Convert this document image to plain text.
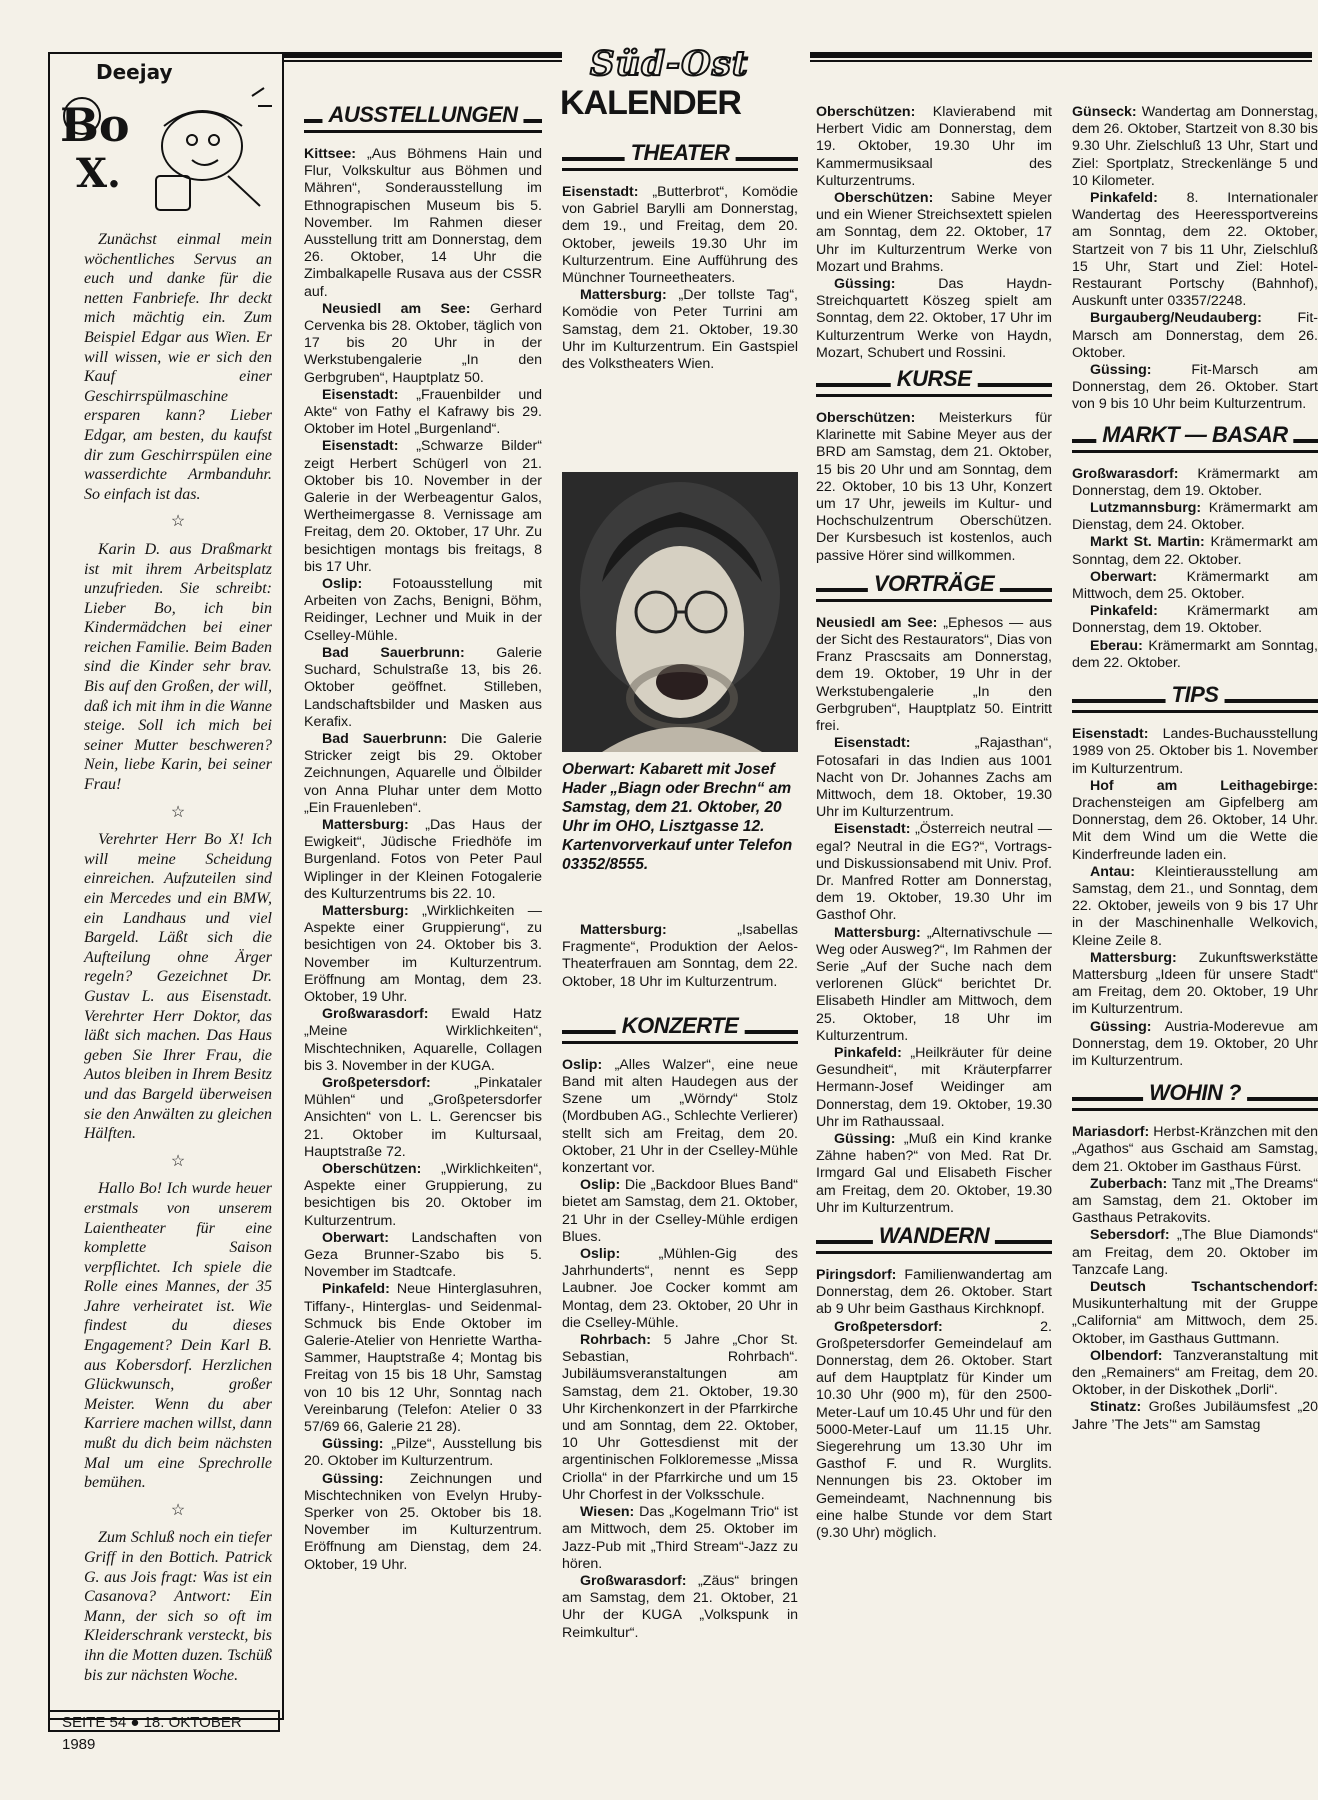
Süd-Ost
KALENDER
Deejay
Bo
X.

Zunächst einmal mein wöchentliches Servus an euch und danke für die netten Fanbriefe. Ihr deckt mich mächtig ein. Zum Beispiel Edgar aus Wien. Er will wissen, wie er sich den Kauf einer Geschirrspülmaschine ersparen kann? Lieber Edgar, am besten, du kaufst dir zum Geschirrspülen eine wasserdichte Armbanduhr. So einfach ist das.

☆

Karin D. aus Draßmarkt ist mit ihrem Arbeitsplatz unzufrieden. Sie schreibt: Lieber Bo, ich bin Kindermädchen bei einer reichen Familie. Beim Baden sind die Kinder sehr brav. Bis auf den Großen, der will, daß ich mit ihm in die Wanne steige. Soll ich mich bei seiner Mutter beschweren? Nein, liebe Karin, bei seiner Frau!

☆

Verehrter Herr Bo X! Ich will meine Scheidung einreichen. Aufzuteilen sind ein Mercedes und ein BMW, ein Landhaus und viel Bargeld. Läßt sich die Aufteilung ohne Ärger regeln? Gezeichnet Dr. Gustav L. aus Eisenstadt. Verehrter Herr Doktor, das läßt sich machen. Das Haus geben Sie Ihrer Frau, die Autos bleiben in Ihrem Besitz und das Bargeld überweisen sie den Anwälten zu gleichen Hälften.

☆

Hallo Bo! Ich wurde heuer erstmals von unserem Laientheater für eine komplette Saison verpflichtet. Ich spiele die Rolle eines Mannes, der 35 Jahre verheiratet ist. Wie findest du dieses Engagement? Dein Karl B. aus Kobersdorf. Herzlichen Glückwunsch, großer Meister. Wenn du aber Karriere machen willst, dann mußt du dich beim nächsten Mal um eine Sprechrolle bemühen.

☆

Zum Schluß noch ein tiefer Griff in den Bottich. Patrick G. aus Jois fragt: Was ist ein Casanova? Antwort: Ein Mann, der sich so oft im Kleiderschrank versteckt, bis ihn die Motten duzen. Tschüß bis zur nächsten Woche.

SEITE 54 ● 18. OKTOBER 1989
AUSSTELLUNGEN

Kittsee: „Aus Böhmens Hain und Flur, Volkskultur aus Böhmen und Mähren“, Sonderausstellung im Ethnograpischen Museum bis 5. November. Im Rahmen dieser Ausstellung tritt am Donnerstag, dem 26. Oktober, 14 Uhr die Zimbalkapelle Rusava aus der CSSR auf.

Neusiedl am See: Gerhard Cervenka bis 28. Oktober, täglich von 17 bis 20 Uhr in der Werkstubengalerie „In den Gerbgruben“, Hauptplatz 50.

Eisenstadt: „Frauenbilder und Akte“ von Fathy el Kafrawy bis 29. Oktober im Hotel „Burgenland“.

Eisenstadt: „Schwarze Bilder“ zeigt Herbert Schügerl von 21. Oktober bis 10. November in der Galerie in der Werbeagentur Galos, Werthеimergasse 8. Vernissage am Freitag, dem 20. Oktober, 17 Uhr. Zu besichtigen montags bis freitags, 8 bis 17 Uhr.

Oslip: Fotoausstellung mit Arbeiten von Zachs, Benigni, Böhm, Reidinger, Lechner und Muik in der Cselley-Mühle.

Bad Sauerbrunn: Galerie Suchard, Schulstraße 13, bis 26. Oktober geöffnet. Stilleben, Landschaftsbilder und Masken aus Kerafix.

Bad Sauerbrunn: Die Galerie Stricker zeigt bis 29. Oktober Zeichnungen, Aquarelle und Ölbilder von Anna Pluhar unter dem Motto „Ein Frauenleben“.

Mattersburg: „Das Haus der Ewigkeit“, Jüdische Friedhöfe im Burgenland. Fotos von Peter Paul Wiplinger in der Kleinen Fotogalerie des Kulturzentrums bis 22. 10.

Mattersburg: „Wirklichkeiten — Aspekte einer Gruppierung“, zu besichtigen von 24. Oktober bis 3. November im Kulturzentrum. Eröffnung am Montag, dem 23. Oktober, 19 Uhr.

Großwarasdorf: Ewald Hatz „Meine Wirklichkeiten“, Mischtechniken, Aquarelle, Collagen bis 3. November in der KUGA.

Großpetersdorf: „Pinkataler Mühlen“ und „Großpetersdorfer Ansichten“ von L. L. Gerencser bis 21. Oktober im Kultursaal, Hauptstraße 72.

Oberschützen: „Wirklichkeiten“, Aspekte einer Gruppierung, zu besichtigen bis 20. Oktober im Kulturzentrum.

Oberwart: Landschaften von Geza Brunner-Szabo bis 5. November im Stadtcafe.

Pinkafeld: Neue Hinterglasuhren, Tiffany-, Hinterglas- und Seidenmal-Schmuck bis Ende Oktober im Galerie-Atelier von Henriette Wartha-Sammer, Hauptstraße 4; Montag bis Freitag von 15 bis 18 Uhr, Samstag von 10 bis 12 Uhr, Sonntag nach Vereinbarung (Telefon: Atelier 0 33 57/69 66, Galerie 21 28).

Güssing: „Pilze“, Ausstellung bis 20. Oktober im Kulturzentrum.

Güssing: Zeichnungen und Mischtechniken von Evelyn Hruby-Sperker von 25. Oktober bis 18. November im Kulturzentrum. Eröffnung am Dienstag, dem 24. Oktober, 19 Uhr.

THEATER

Eisenstadt: „Butterbrot“, Komödie von Gabriel Barylli am Donnerstag, dem 19., und Freitag, dem 20. Oktober, jeweils 19.30 Uhr im Kulturzentrum. Eine Aufführung des Münchner Tourneetheaters.

Mattersburg: „Der tollste Tag“, Komödie von Peter Turrini am Samstag, dem 21. Oktober, 19.30 Uhr im Kulturzentrum. Ein Gastspiel des Volkstheaters Wien.

Oberwart: Kabarett mit Josef Hader „Biagn oder Brechn“ am Samstag, dem 21. Oktober, 20 Uhr im OHO, Lisztgasse 12. Kartenvorverkauf unter Telefon 03352/8555.

Mattersburg: „Isabellas Fragmente“, Produktion der Aelos-Theaterfrauen am Sonntag, dem 22. Oktober, 18 Uhr im Kulturzentrum.

KONZERTE

Oslip: „Alles Walzer“, eine neue Band mit alten Haudegen aus der Szene um „Wörndy“ Stolz (Mordbuben AG., Schlechte Verlierer) stellt sich am Freitag, dem 20. Oktober, 21 Uhr in der Cselley-Mühle konzertant vor.

Oslip: Die „Backdoor Blues Band“ bietet am Samstag, dem 21. Oktober, 21 Uhr in der Cselley-Mühle erdigen Blues.

Oslip: „Mühlen-Gig des Jahrhunderts“, nennt es Sepp Laubner. Joe Cocker kommt am Montag, dem 23. Oktober, 20 Uhr in die Cselley-Mühle.

Rohrbach: 5 Jahre „Chor St. Sebastian, Rohrbach“. Jubiläumsveranstaltungen am Samstag, dem 21. Oktober, 19.30 Uhr Kirchenkonzert in der Pfarrkirche und am Sonntag, dem 22. Oktober, 10 Uhr Gottesdienst mit der argentinischen Folkloremesse „Missa Criolla“ in der Pfarrkirche und um 15 Uhr Chorfest in der Volksschule.

Wiesen: Das „Kogelmann Trio“ ist am Mittwoch, dem 25. Oktober im Jazz-Pub mit „Third Stream“-Jazz zu hören.

Großwarasdorf: „Zäus“ bringen am Samstag, dem 21. Oktober, 21 Uhr der KUGA „Volkspunk in Reimkultur“.

Oberschützen: Klavierabend mit Herbert Vidic am Donnerstag, dem 19. Oktober, 19.30 Uhr im Kammermusiksaal des Kulturzentrums.

Oberschützen: Sabine Meyer und ein Wiener Streichsextett spielen am Sonntag, dem 22. Oktober, 17 Uhr im Kulturzentrum Werke von Mozart und Brahms.

Güssing: Das Haydn-Streichquartett Köszeg spielt am Sonntag, dem 22. Oktober, 17 Uhr im Kulturzentrum Werke von Haydn, Mozart, Schubert und Rossini.

KURSE

Oberschützen: Meisterkurs für Klarinette mit Sabine Meyer aus der BRD am Samstag, dem 21. Oktober, 15 bis 20 Uhr und am Sonntag, dem 22. Oktober, 10 bis 13 Uhr, Konzert um 17 Uhr, jeweils im Kultur- und Hochschulzentrum Oberschützen. Der Kursbesuch ist kostenlos, auch passive Hörer sind willkommen.

VORTRÄGE

Neusiedl am See: „Ephesos — aus der Sicht des Restaurators“, Dias von Franz Prascsaits am Donnerstag, dem 19. Oktober, 19 Uhr in der Werkstubengalerie „In den Gerbgruben“, Hauptplatz 50. Eintritt frei.

Eisenstadt: „Rajasthan“, Fotosafari in das Indien aus 1001 Nacht von Dr. Johannes Zachs am Mittwoch, dem 18. Oktober, 19.30 Uhr im Kulturzentrum.

Eisenstadt: „Österreich neutral — egal? Neutral in die EG?“, Vortrags- und Diskussionsabend mit Univ. Prof. Dr. Manfred Rotter am Donnerstag, dem 19. Oktober, 19.30 Uhr im Gasthof Ohr.

Mattersburg: „Alternativschule — Weg oder Ausweg?“, Im Rahmen der Serie „Auf der Suche nach dem verlorenen Glück“ berichtet Dr. Elisabeth Hindler am Mittwoch, dem 25. Oktober, 18 Uhr im Kulturzentrum.

Pinkafeld: „Heilkräuter für deine Gesundheit“, mit Kräuterpfarrer Hermann-Josef Weidinger am Donnerstag, dem 19. Oktober, 19.30 Uhr im Rathaussaal.

Güssing: „Muß ein Kind kranke Zähne haben?“ von Med. Rat Dr. Irmgard Gal und Elisabeth Fischer am Freitag, dem 20. Oktober, 19.30 Uhr im Kulturzentrum.

WANDERN

Piringsdorf: Familienwandertag am Donnerstag, dem 26. Oktober. Start ab 9 Uhr beim Gasthaus Kirchknopf.

Großpetersdorf: 2. Großpetersdorfer Gemeindelauf am Donnerstag, dem 26. Oktober. Start auf dem Hauptplatz für Kinder um 10.30 Uhr (900 m), für den 2500-Meter-Lauf um 10.45 Uhr und für den 5000-Meter-Lauf um 11.15 Uhr. Siegerehrung um 13.30 Uhr im Gasthof F. und R. Wurglits. Nennungen bis 23. Oktober im Gemeindeamt, Nachnennung bis eine halbe Stunde vor dem Start (9.30 Uhr) möglich.

Günseck: Wandertag am Donnerstag, dem 26. Oktober, Startzeit von 8.30 bis 9.30 Uhr. Zielschluß 13 Uhr, Start und Ziel: Sportplatz, Streckenlänge 5 und 10 Kilometer.

Pinkafeld: 8. Internationaler Wandertag des Heeressportvereins am Sonntag, dem 22. Oktober, Startzeit von 7 bis 11 Uhr, Zielschluß 15 Uhr, Start und Ziel: Hotel-Restaurant Portschy (Bahnhof), Auskunft unter 03357/2248.

Burgauberg/Neudauberg: Fit-Marsch am Donnerstag, dem 26. Oktober.

Güssing: Fit-Marsch am Donnerstag, dem 26. Oktober. Start von 9 bis 10 Uhr beim Kulturzentrum.

MARKT — BASAR

Großwarasdorf: Krämermarkt am Donnerstag, dem 19. Oktober.

Lutzmannsburg: Krämermarkt am Dienstag, dem 24. Oktober.

Markt St. Martin: Krämermarkt am Sonntag, dem 22. Oktober.

Oberwart: Krämermarkt am Mittwoch, dem 25. Oktober.

Pinkafeld: Krämermarkt am Donnerstag, dem 19. Oktober.

Eberau: Krämermarkt am Sonntag, dem 22. Oktober.

TIPS

Eisenstadt: Landes-Buchausstellung 1989 von 25. Oktober bis 1. November im Kulturzentrum.

Hof am Leithagebirge: Drachensteigen am Gipfelberg am Donnerstag, dem 26. Oktober, 14 Uhr. Mit dem Wind um die Wette die Kinderfreunde laden ein.

Antau: Kleintierausstellung am Samstag, dem 21., und Sonntag, dem 22. Oktober, jeweils von 9 bis 17 Uhr in der Maschinenhalle Welkovich, Kleine Zeile 8.

Mattersburg: Zukunftswerkstätte Mattersburg „Ideen für unsere Stadt“ am Freitag, dem 20. Oktober, 19 Uhr im Kulturzentrum.

Güssing: Austria-Moderevue am Donnerstag, dem 19. Oktober, 20 Uhr im Kulturzentrum.

WOHIN ?

Mariasdorf: Herbst-Kränzchen mit den „Agathos“ aus Gschaid am Samstag, dem 21. Oktober im Gasthaus Fürst.

Zuberbach: Tanz mit „The Dreams“ am Samstag, dem 21. Oktober im Gasthaus Petrakovits.

Sebersdorf: „The Blue Diamonds“ am Freitag, dem 20. Oktober im Tanzcafe Lang.

Deutsch Tschantschendorf: Musikunterhaltung mit der Gruppe „California“ am Mittwoch, dem 25. Oktober, im Gasthaus Guttmann.

Olbendorf: Tanzveranstaltung mit den „Remainers“ am Freitag, dem 20. Oktober, in der Diskothek „Dorli“.

Stinatz: Großes Jubiläumsfest „20 Jahre ’The Jets’“ am Samstag
